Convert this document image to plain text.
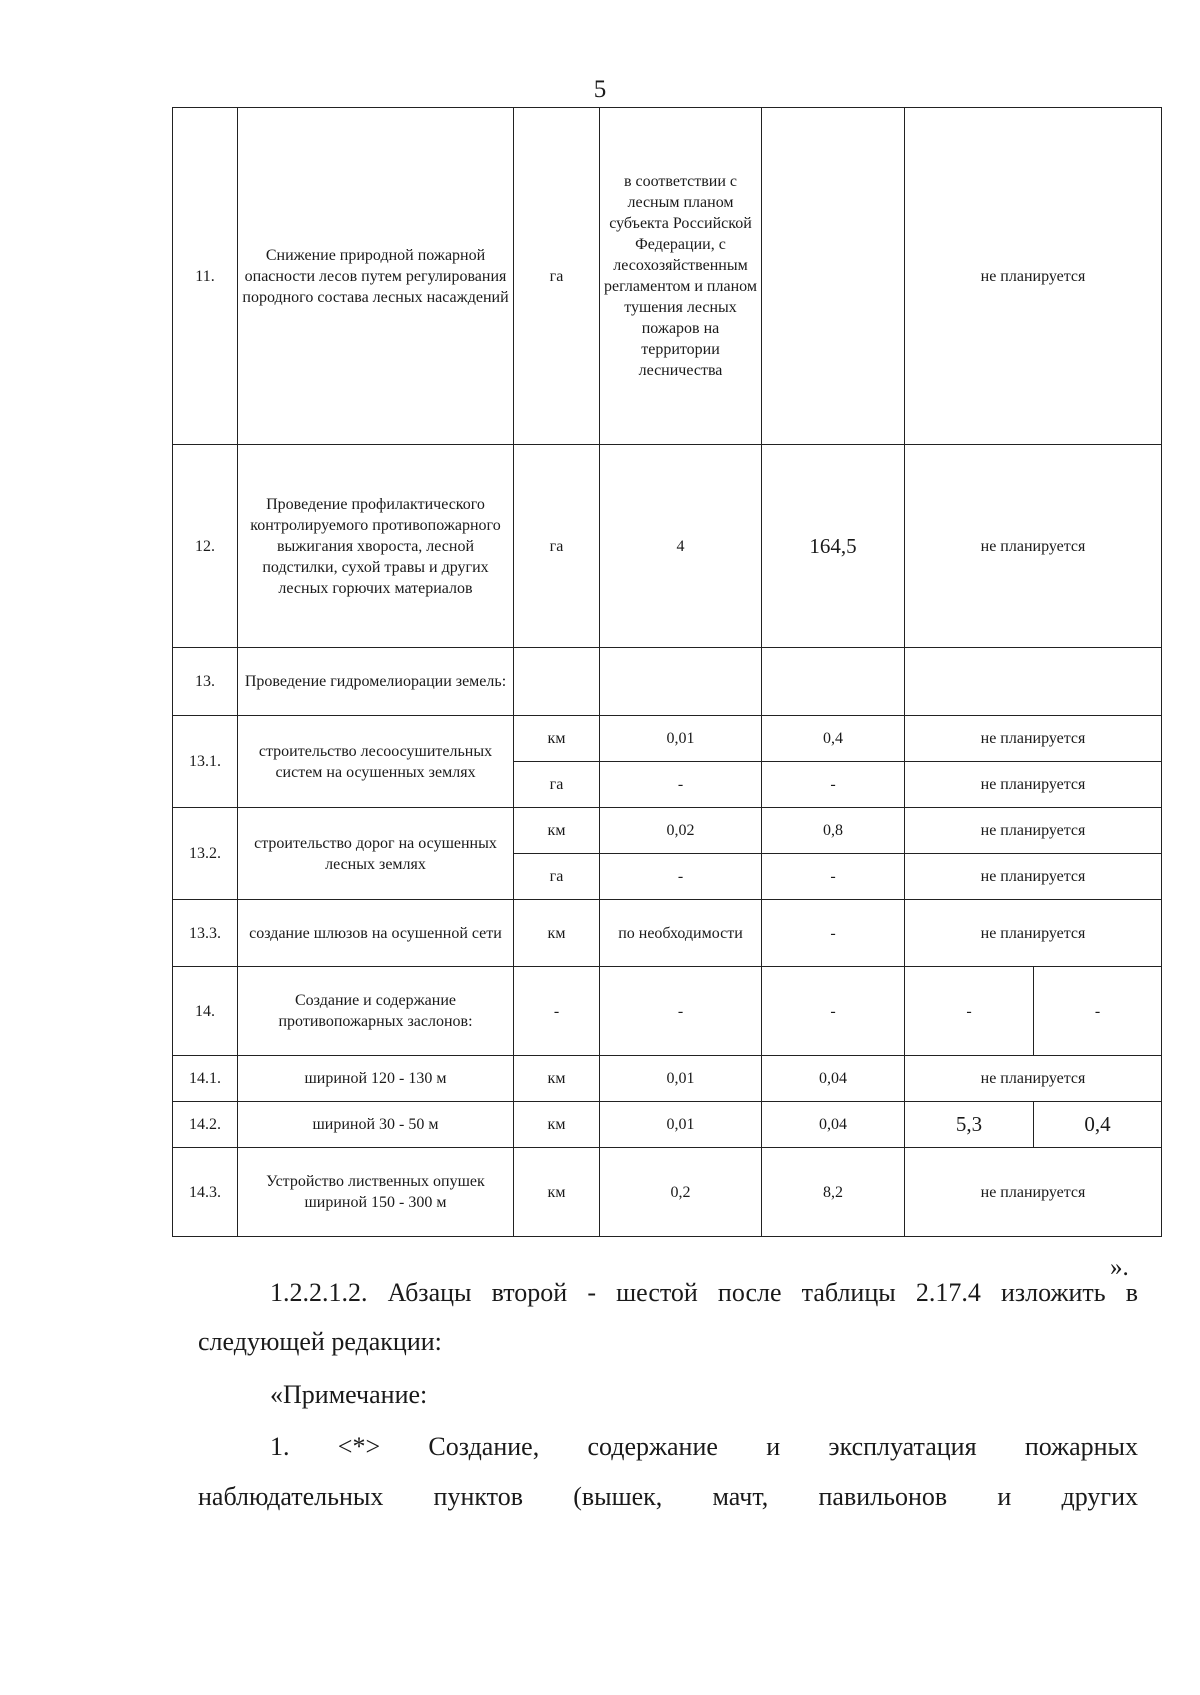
5
11.	Снижение природной пожарной опасности лесов путем регулирования породного состава лесных насаждений	га	в соответствии с лесным планом субъекта Российской Федерации, с лесохозяйственным регламентом и планом тушения лесных пожаров на территории лесничества		не планируется	
12.	Проведение профилактического контролируемого противопожарного выжигания хвороста, лесной подстилки, сухой травы и других лесных горючих материалов	га	4	164,5	не планируется	
13.	Проведение гидромелиорации земель:					
13.1.	строительство лесоосушительных систем на осушенных землях	км	0,01	0,4	не планируется	
		га	-	-	не планируется	
13.2.	строительство дорог на осушенных лесных землях	км	0,02	0,8	не планируется	
		га	-	-	не планируется	
13.3.	создание шлюзов на осушенной сети	км	по необходимости	-	не планируется	
14.	Создание и содержание противопожарных заслонов:	-	-	-	-	-
14.1.	шириной 120 - 130 м	км	0,01	0,04	не планируется	
14.2.	шириной 30 - 50 м	км	0,01	0,04	5,3	0,4
14.3.	Устройство лиственных опушек шириной 150 - 300 м	км	0,2	8,2	не планируется	
».
1.2.2.1.2. Абзацы второй - шестой после таблицы 2.17.4 изложить в
следующей редакции:
«Примечание:
1. <*> Создание, содержание и эксплуатация пожарных
наблюдательных пунктов (вышек, мачт, павильонов и других
